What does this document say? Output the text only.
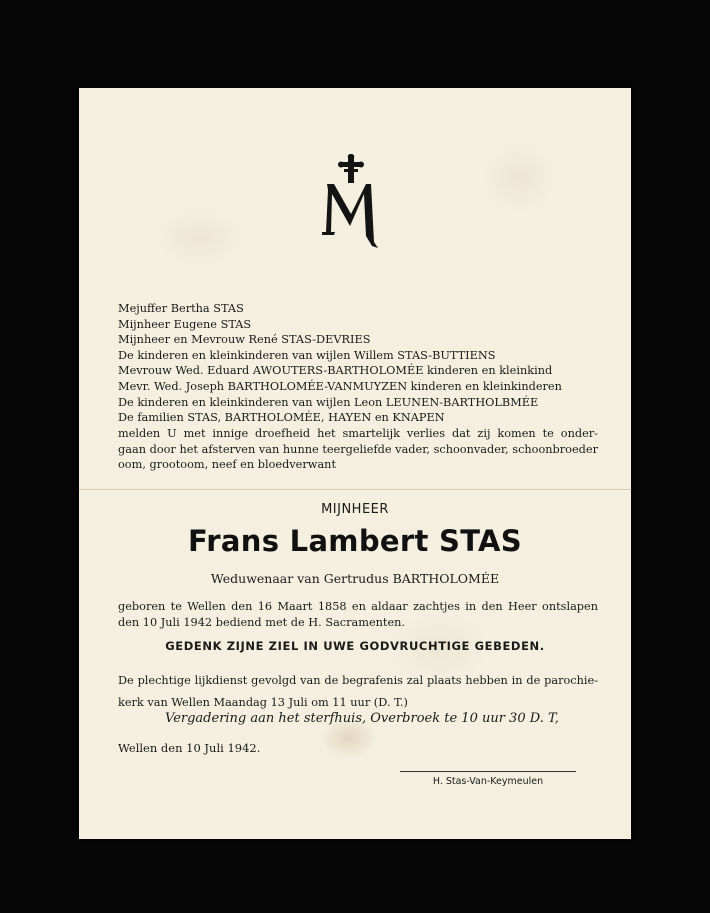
Mejuffer Bertha STAS
Mijnheer Eugene STAS
Mijnheer en Mevrouw René STAS-DEVRIES
De kinderen en kleinkinderen van wijlen Willem STAS-BUTTIENS
Mevrouw Wed. Eduard AWOUTERS-BARTHOLOMÉE kinderen en kleinkind
Mevr. Wed. Joseph BARTHOLOMÉE-VANMUYZEN kinderen en kleinkinderen
De kinderen en kleinkinderen van wijlen Leon LEUNEN-BARTHOLBMÉE
De familien STAS, BARTHOLOMÉE, HAYEN en KNAPEN
melden U met innige droefheid het smartelijk verlies dat zij komen te onder-
gaan door het afsterven van hunne teergeliefde vader, schoonvader, schoonbroeder
oom, grootoom, neef en bloedverwant
MIJNHEER
Frans Lambert STAS
Weduwenaar van Gertrudus BARTHOLOMÉE
geboren te Wellen den 16 Maart 1858 en aldaar zachtjes in den Heer ontslapen
den 10 Juli 1942 bediend met de H. Sacramenten.
GEDENK ZIJNE ZIEL IN UWE GODVRUCHTIGE GEBEDEN.
De plechtige lijkdienst gevolgd van de begrafenis zal plaats hebben in de parochie-
kerk van Wellen Maandag 13 Juli om 11 uur (D. T.)
Vergadering aan het sterfhuis, Overbroek te 10 uur 30 D. T,
Wellen den 10 Juli 1942.
H. Stas-Van-Keymeulen
